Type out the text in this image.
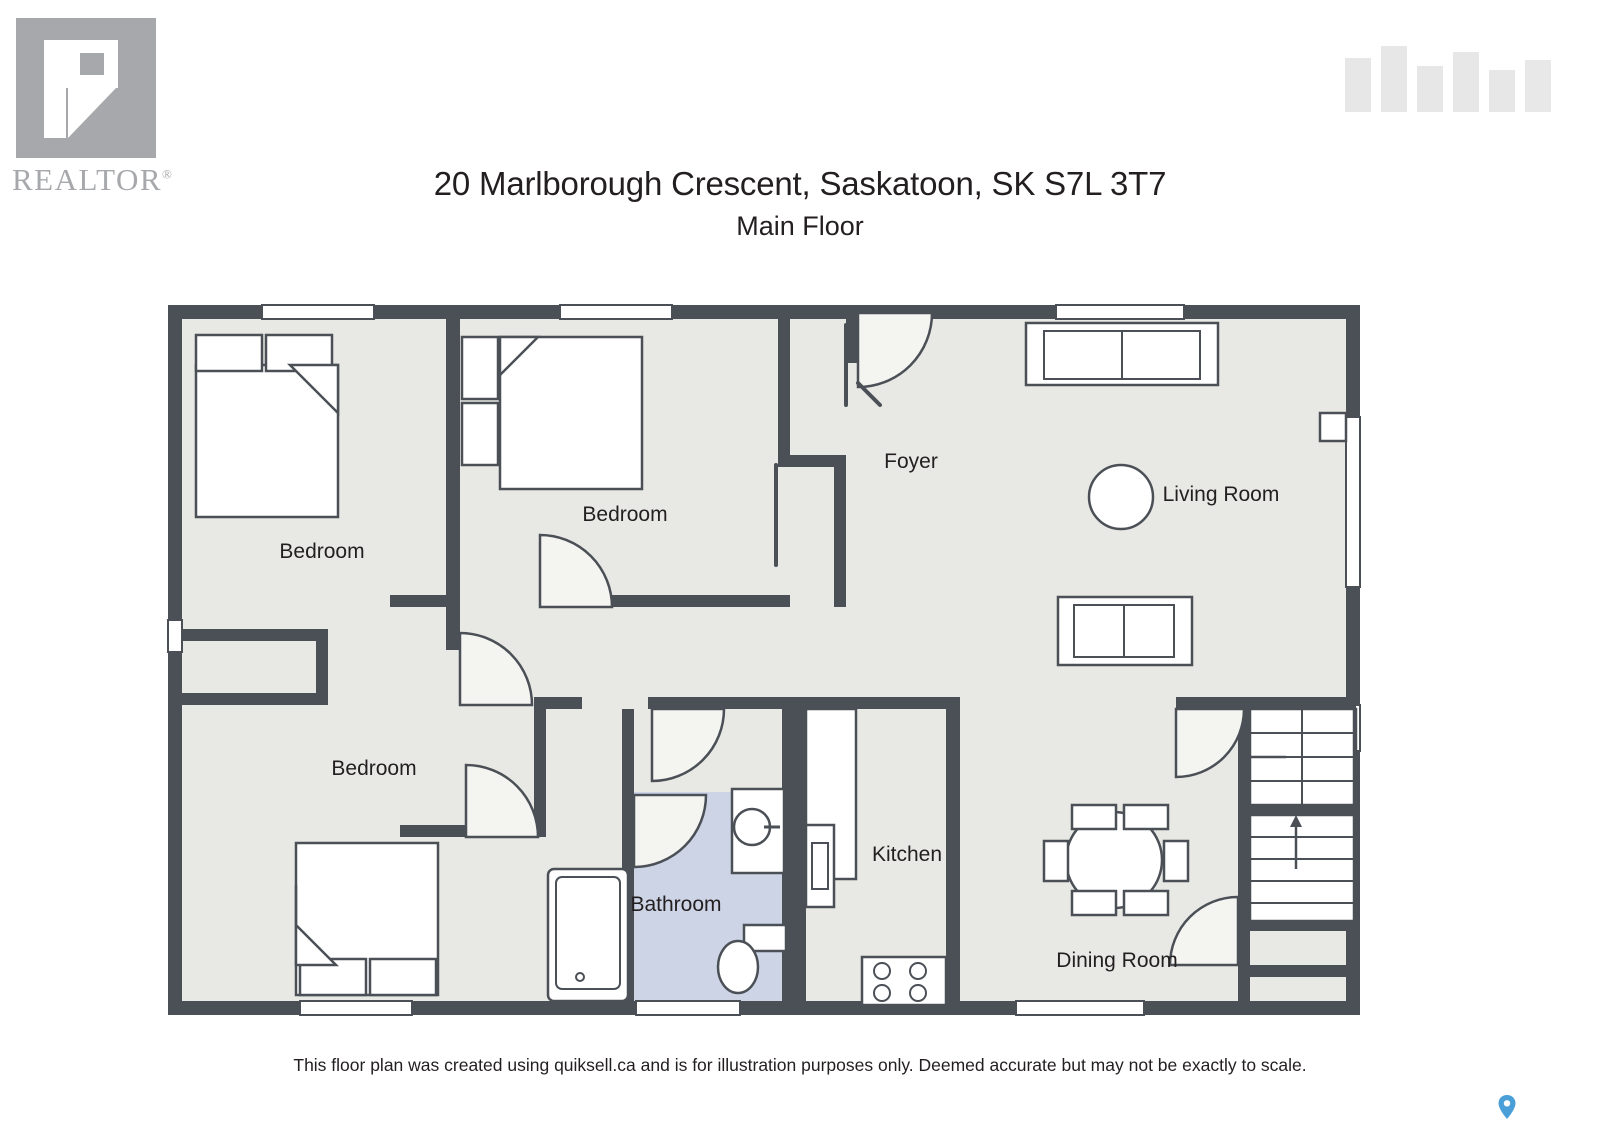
REALTOR®	20 Marlborough Crescent, Saskatoon, SK S7L 3T7
Main Floor
Bedroom
Bedroom
Bedroom
Bathroom
Kitchen
Foyer
Living Room
Dining Room
This floor plan was created using quiksell.ca and is for illustration purposes only. Deemed accurate but may not be exactly to scale.
